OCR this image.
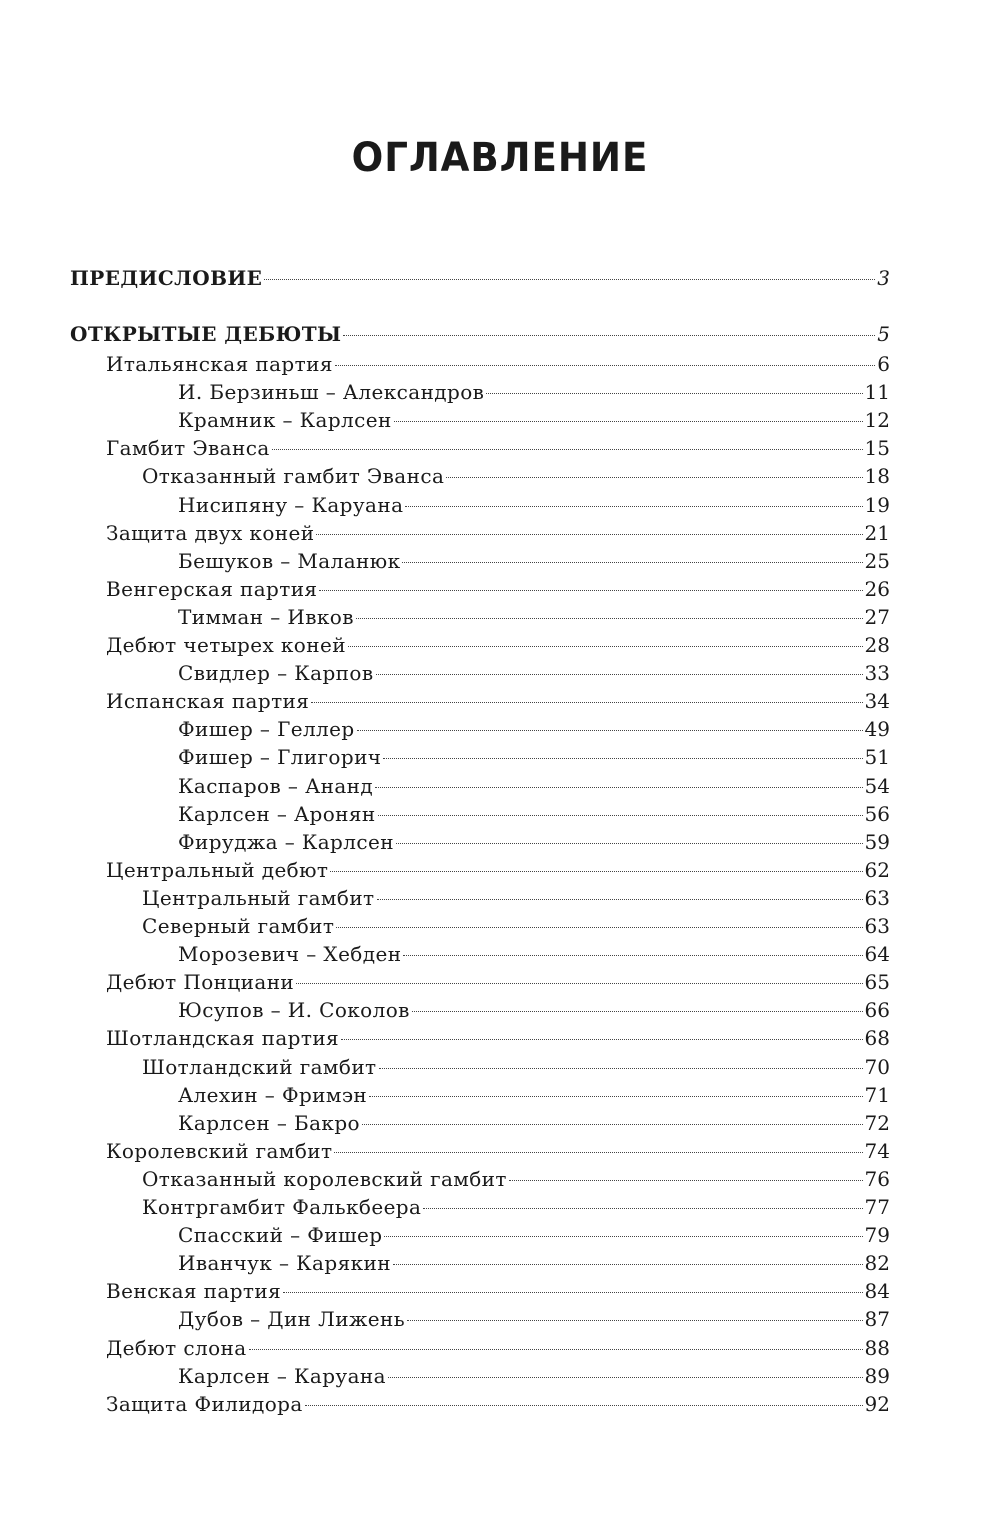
ОГЛАВЛЕНИЕ
ПРЕДИСЛОВИЕ	3
ОТКРЫТЫЕ ДЕБЮТЫ	5
Итальянская партия	6
И. Берзиньш – Александров	11
Крамник – Карлсен	12
Гамбит Эванса	15
Отказанный гамбит Эванса	18
Нисипяну – Каруана	19
Защита двух коней	21
Бешуков – Маланюк	25
Венгерская партия	26
Тимман – Ивков	27
Дебют четырех коней	28
Свидлер – Карпов	33
Испанская партия	34
Фишер – Геллер	49
Фишер – Глигорич	51
Каспаров – Ананд	54
Карлсен – Аронян	56
Фируджа – Карлсен	59
Центральный дебют	62
Центральный гамбит	63
Северный гамбит	63
Морозевич – Хебден	64
Дебют Понциани	65
Юсупов – И. Соколов	66
Шотландская партия	68
Шотландский гамбит	70
Алехин – Фримэн	71
Карлсен – Бакро	72
Королевский гамбит	74
Отказанный королевский гамбит	76
Контргамбит Фалькбеера	77
Спасский – Фишер	79
Иванчук – Карякин	82
Венская партия	84
Дубов – Дин Лижень	87
Дебют слона	88
Карлсен – Каруана	89
Защита Филидора	92
